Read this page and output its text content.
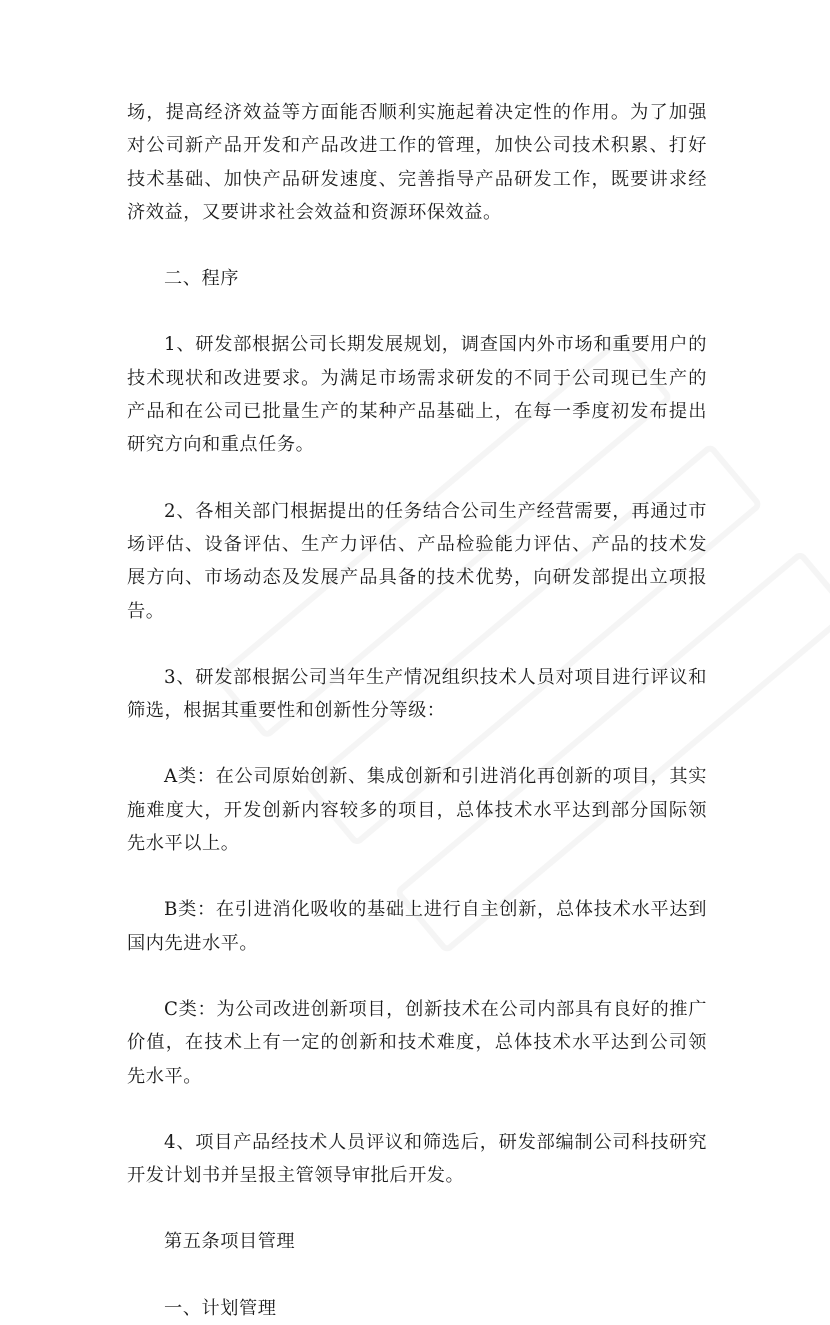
场，提高经济效益等方面能否顺利实施起着决定性的作用。为了加强对公司新产品开发和产品改进工作的管理，加快公司技术积累、打好技术基础、加快产品研发速度、完善指导产品研发工作，既要讲求经济效益，又要讲求社会效益和资源环保效益。

二、程序

1、研发部根据公司长期发展规划，调查国内外市场和重要用户的技术现状和改进要求。为满足市场需求研发的不同于公司现已生产的产品和在公司已批量生产的某种产品基础上，在每一季度初发布提出研究方向和重点任务。

2、各相关部门根据提出的任务结合公司生产经营需要，再通过市场评估、设备评估、生产力评估、产品检验能力评估、产品的技术发展方向、市场动态及发展产品具备的技术优势，向研发部提出立项报告。

3、研发部根据公司当年生产情况组织技术人员对项目进行评议和筛选，根据其重要性和创新性分等级：

A类：在公司原始创新、集成创新和引进消化再创新的项目，其实施难度大，开发创新内容较多的项目，总体技术水平达到部分国际领先水平以上。

B类：在引进消化吸收的基础上进行自主创新，总体技术水平达到国内先进水平。

C类：为公司改进创新项目，创新技术在公司内部具有良好的推广价值，在技术上有一定的创新和技术难度，总体技术水平达到公司领先水平。

4、项目产品经技术人员评议和筛选后，研发部编制公司科技研究开发计划书并呈报主管领导审批后开发。

第五条项目管理

一、计划管理
